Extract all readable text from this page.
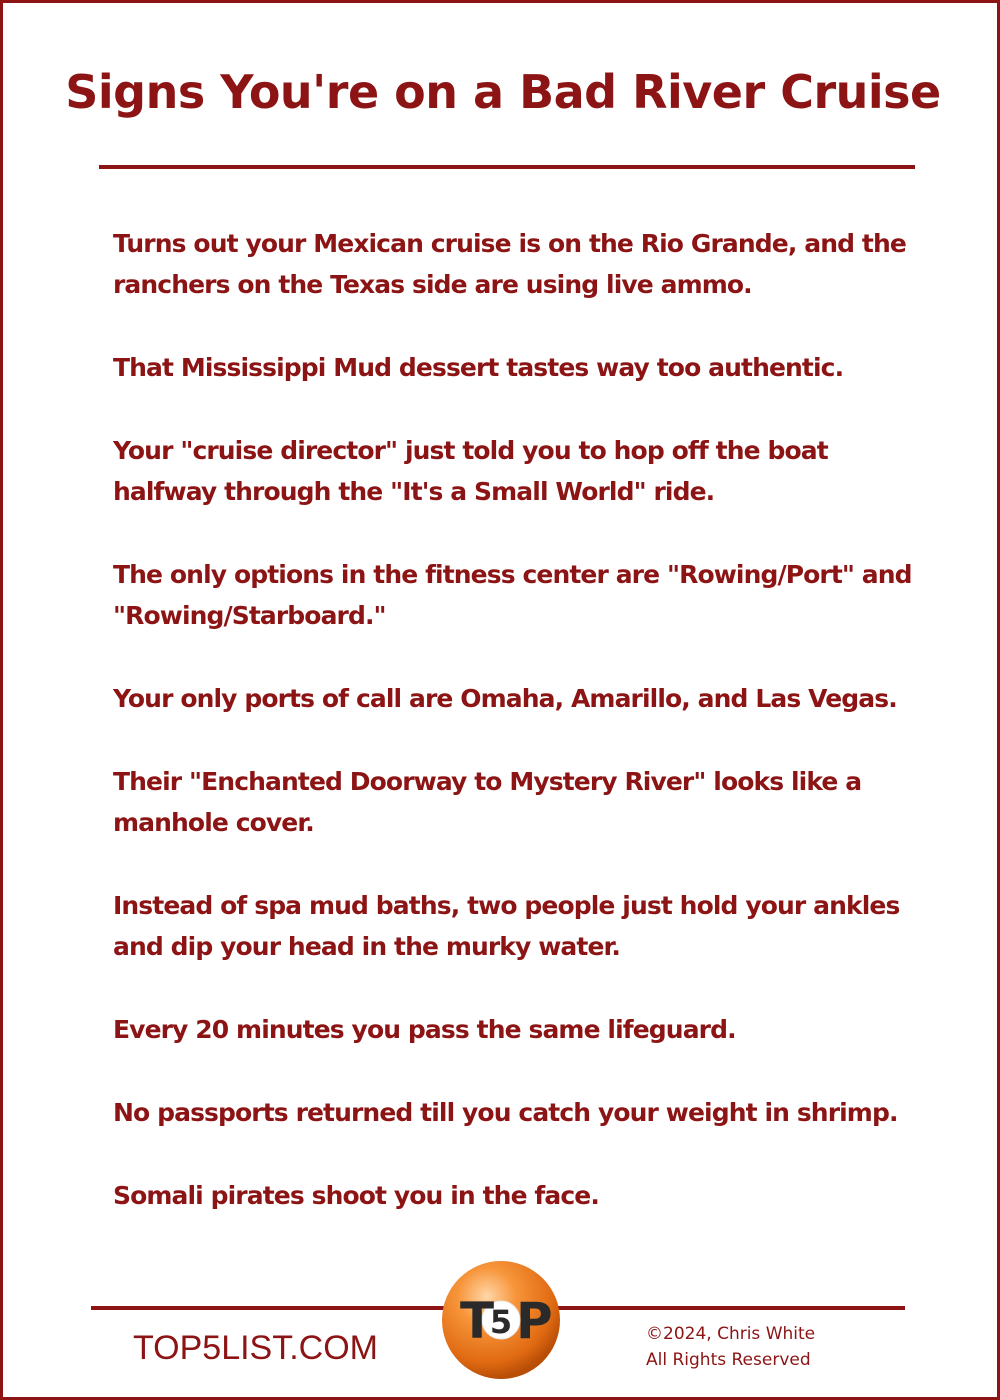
Signs You're on a Bad River Cruise
Turns out your Mexican cruise is on the Rio Grande, and the ranchers on the Texas side are using live ammo.
That Mississippi Mud dessert tastes way too authentic.
Your "cruise director" just told you to hop off the boat halfway through the "It's a Small World" ride.
The only options in the fitness center are "Rowing/Port" and "Rowing/Starboard."
Your only ports of call are Omaha, Amarillo, and Las Vegas.
Their "Enchanted Doorway to Mystery River" looks like a manhole cover.
Instead of spa mud baths, two people just hold your ankles and dip your head in the murky water.
Every 20 minutes you pass the same lifeguard.
No passports returned till you catch your weight in shrimp.
Somali pirates shoot you in the face.
TOP5LIST.COM T
5 P	©2024, Chris White
All Rights Reserved
